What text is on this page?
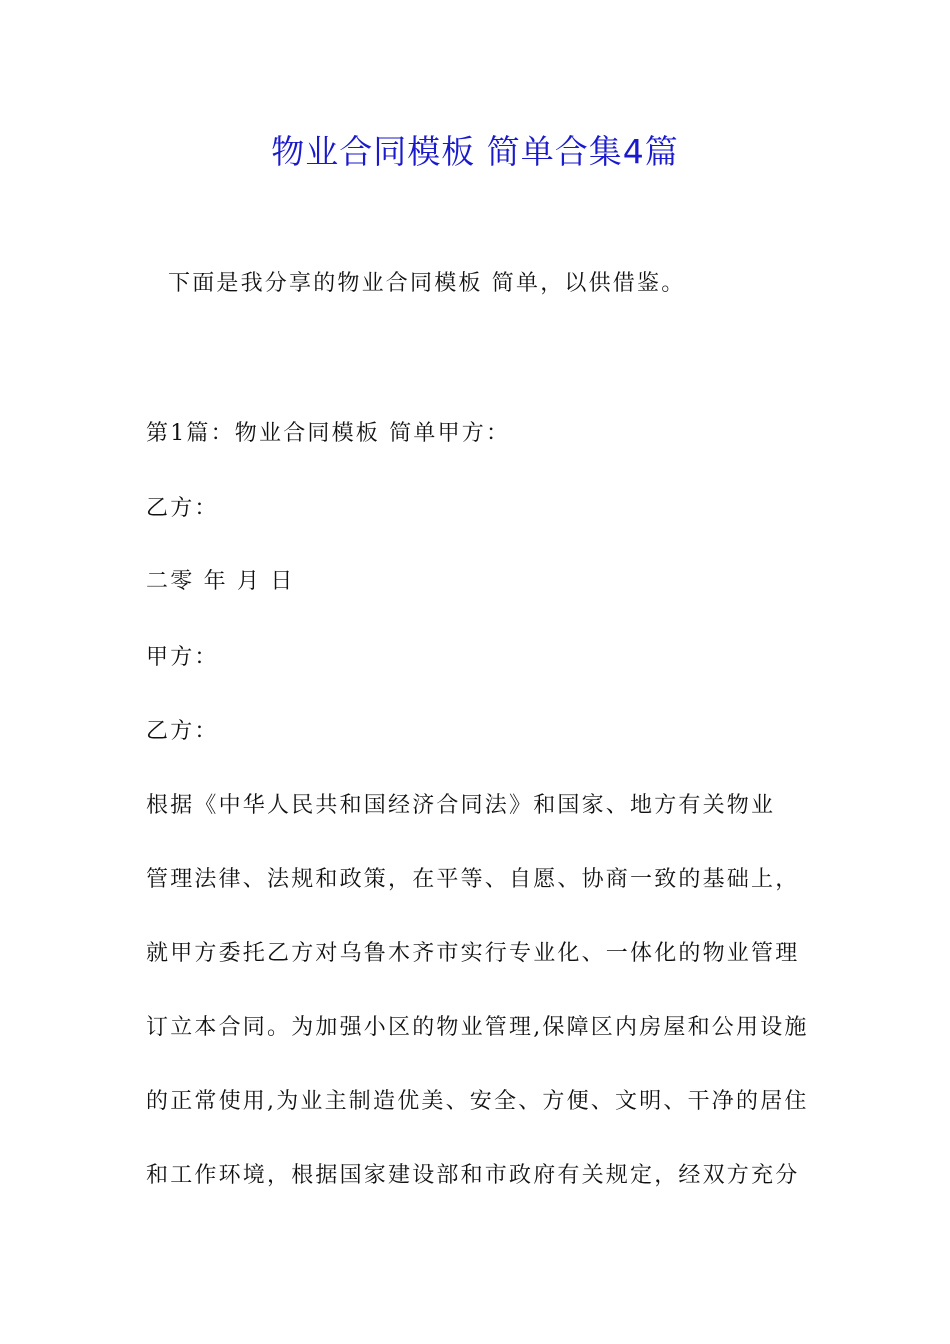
物业合同模板 简单合集4篇

下面是我分享的物业合同模板 简单，以供借鉴。

第1篇：物业合同模板 简单甲方：

乙方：

二零 年 月 日

甲方：

乙方：

根据《中华人民共和国经济合同法》和国家、地方有关物业

管理法律、法规和政策，在平等、自愿、协商一致的基础上，

就甲方委托乙方对乌鲁木齐市实行专业化、一体化的物业管理

订立本合同。为加强小区的物业管理,保障区内房屋和公用设施

的正常使用,为业主制造优美、安全、方便、文明、干净的居住

和工作环境，根据国家建设部和市政府有关规定，经双方充分
